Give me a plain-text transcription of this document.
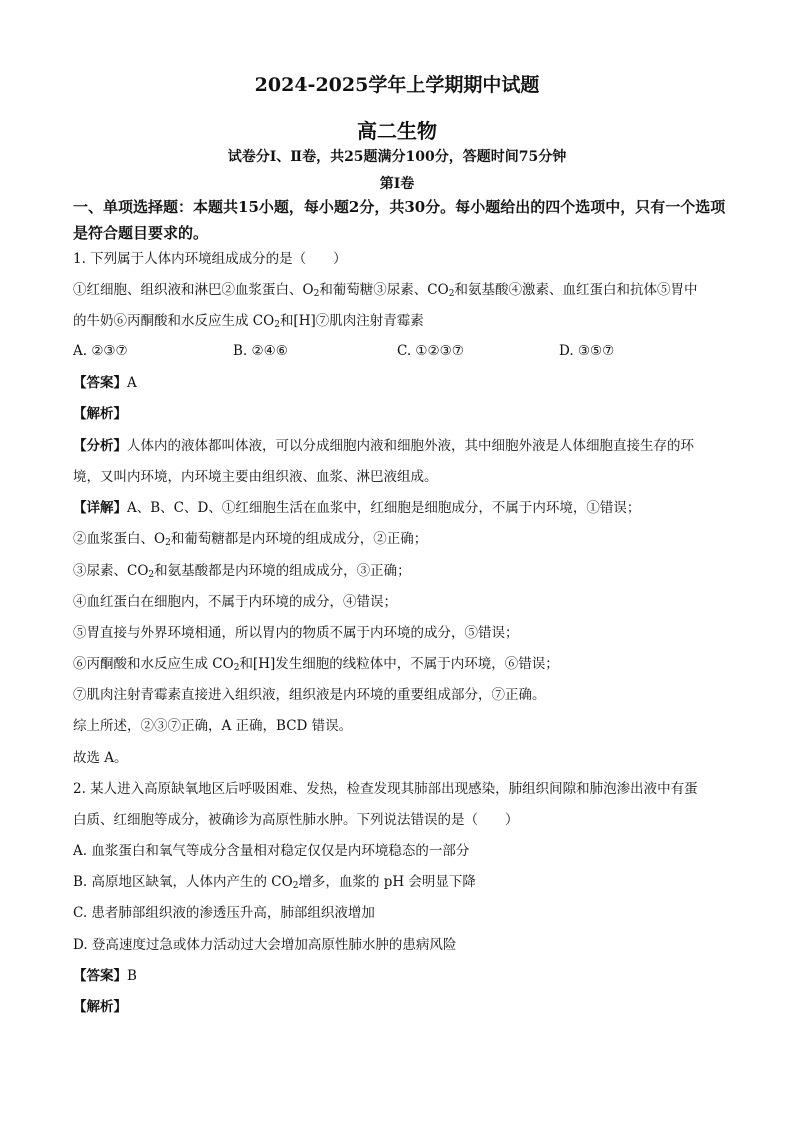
2024-2025学年上学期期中试题
高二生物
试卷分Ⅰ、Ⅱ卷，共25题满分100分，答题时间75分钟
第Ⅰ卷
一、单项选择题：本题共15小题，每小题2分，共30分。每小题给出的四个选项中，只有一个选项是符合题目要求的。
1. 下列属于人体内环境组成成分的是（　　）
①红细胞、组织液和淋巴②血浆蛋白、$O_2$和葡萄糖③尿素、$CO_2$和氨基酸④激素、血红蛋白和抗体⑤胃中
的牛奶⑥丙酮酸和水反应生成 $CO_2$和[H]⑦肌肉注射青霉素
A. ②③⑦	B. ②④⑥	C. ①②③⑦	D. ③⑤⑦
【答案】A
【解析】
【分析】人体内的液体都叫体液，可以分成细胞内液和细胞外液，其中细胞外液是人体细胞直接生存的环
境，又叫内环境，内环境主要由组织液、血浆、淋巴液组成。
【详解】A、B、C、D、①红细胞生活在血浆中，红细胞是细胞成分，不属于内环境，①错误；
②血浆蛋白、$O_2$和葡萄糖都是内环境的组成成分，②正确；
③尿素、$CO_2$和氨基酸都是内环境的组成成分，③正确；
④血红蛋白在细胞内，不属于内环境的成分，④错误；
⑤胃直接与外界环境相通，所以胃内的物质不属于内环境的成分，⑤错误；
⑥丙酮酸和水反应生成 $CO_2$和[H]发生细胞的线粒体中，不属于内环境，⑥错误；
⑦肌肉注射青霉素直接进入组织液，组织液是内环境的重要组成部分，⑦正确。
综上所述，②③⑦正确，A 正确，BCD 错误。
故选 A。
2. 某人进入高原缺氧地区后呼吸困难、发热，检查发现其肺部出现感染，肺组织间隙和肺泡渗出液中有蛋
白质、红细胞等成分，被确诊为高原性肺水肿。下列说法错误的是（　　）
A. 血浆蛋白和氧气等成分含量相对稳定仅仅是内环境稳态的一部分
B. 高原地区缺氧，人体内产生的 $CO_2$增多，血浆的 pH 会明显下降
C. 患者肺部组织液的渗透压升高，肺部组织液增加
D. 登高速度过急或体力活动过大会增加高原性肺水肿的患病风险
【答案】B
【解析】
